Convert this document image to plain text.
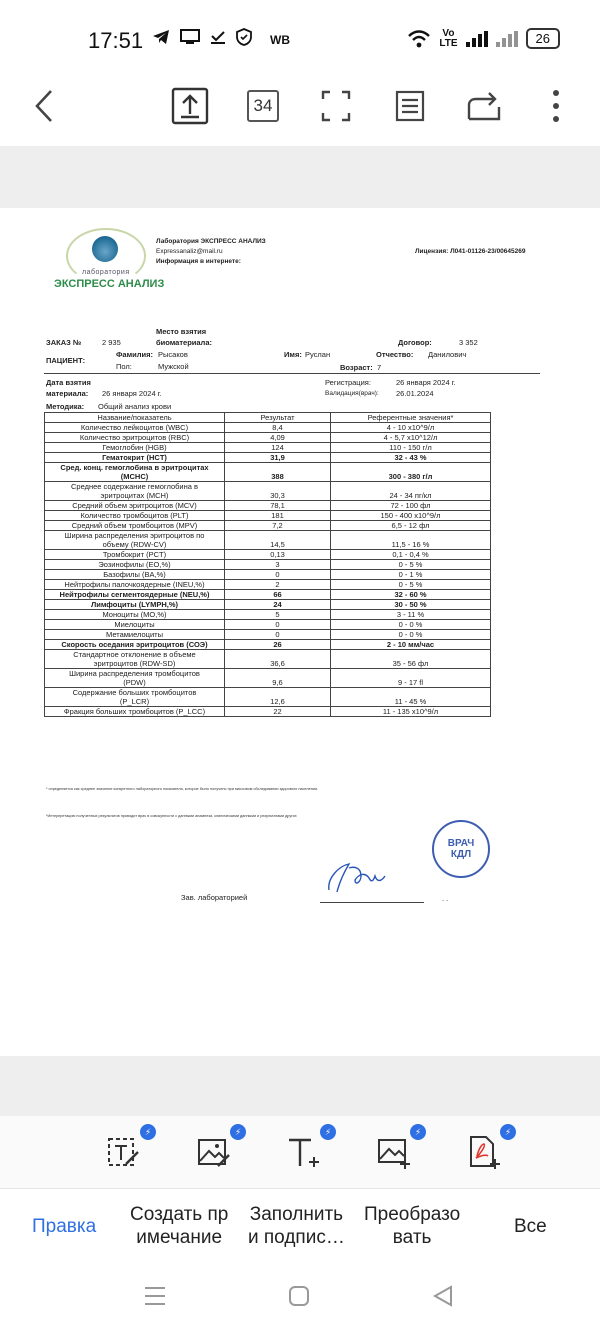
17:51	WB	Vo
LTE	26
34
лаборатория
ЭКСПРЕСС АНАЛИЗ
Лаборатория ЭКСПРЕСС АНАЛИЗ
Expressanaliz@mail.ru
Информация в интернете:
Лицензия: Л041-01126-23/00645269
Место взятия
ЗАКАЗ №	2 935	биоматериала:	Договор:	3 352
ПАЦИЕНТ:
Фамилия: Рысаков	Имя: Руслан	Отчество: Данилович
Пол:	Мужской	Возраст: 7
Дата взятия
материала: 26 января 2024 г.
Регистрация:	26 января 2024 г.
Валидация(врач): 26.01.2024
Методика: Общий анализ крови
Название/показатель	Результат	Референтные значения*

Количество лейкоцитов (WBC)	8,4	4 - 10 х10^9/л

Количество эритроцитов (RBC)	4,09	4 - 5,7 х10^12/л

Гемоглобин (HGB)	124	110 - 150 г/л

Гематокрит (HCT)	31,9	32 - 43 %

Сред. конц. гемоглобина в эритроцитах
(MCHC)	388	300 - 380 г/л

Среднее содержание гемоглобина в
эритроцитах (MCH)	30,3	24 - 34 пг/кл

Средний объем эритроцитов (MCV)	78,1	72 - 100 фл

Количество тромбоцитов (PLT)	181	150 - 400 х10^9/л

Средний объем тромбоцитов (MPV)	7,2	6,5 - 12 фл

Ширина распределения эритроцитов по
объему (RDW-CV)	14,5	11,5 - 16 %

Тромбокрит (PCT)	0,13	0,1 - 0,4 %

Эозинофилы (EO,%)	3	0 - 5 %

Базофилы (BA,%)	0	0 - 1 %

Нейтрофилы палочкоядерные (INEU,%)	2	0 - 5 %

Нейтрофилы сегментоядерные (NEU,%)	66	32 - 60 %

Лимфоциты (LYMPH,%)	24	30 - 50 %

Моноциты (MO,%)	5	3 - 11 %

Миелоциты	0	0 - 0 %

Метамиелоциты	0	0 - 0 %

Скорость оседания эритроцитов (СОЭ)	26	2 - 10 мм/час

Стандартное отклонение в объеме
эритроцитов (RDW-SD)	36,6	35 - 56 фл

Ширина распределения тромбоцитов
(PDW)	9,6	9 - 17 fl

Содержание больших тромбоцитов
(P_LCR)	12,6	11 - 45 %

Фракция больших тромбоцитов (P_LCC)	22	11 - 135 х10^9/л
* определяется как среднее значение конкретного лабораторного показателя, которое было получено при массовом обследовании здорового населения.
*Интерпретацию полученных результатов проводит врач в совокупности с данными анамнеза, клиническими данными и результатами других
ВРАЧ
КДЛ
Зав. лабораторией	. .
⚡	⚡	⚡	⚡	⚡
Правка
Создать пр
имечание
Заполнить
и подпис…
Преобразо
вать
Все
